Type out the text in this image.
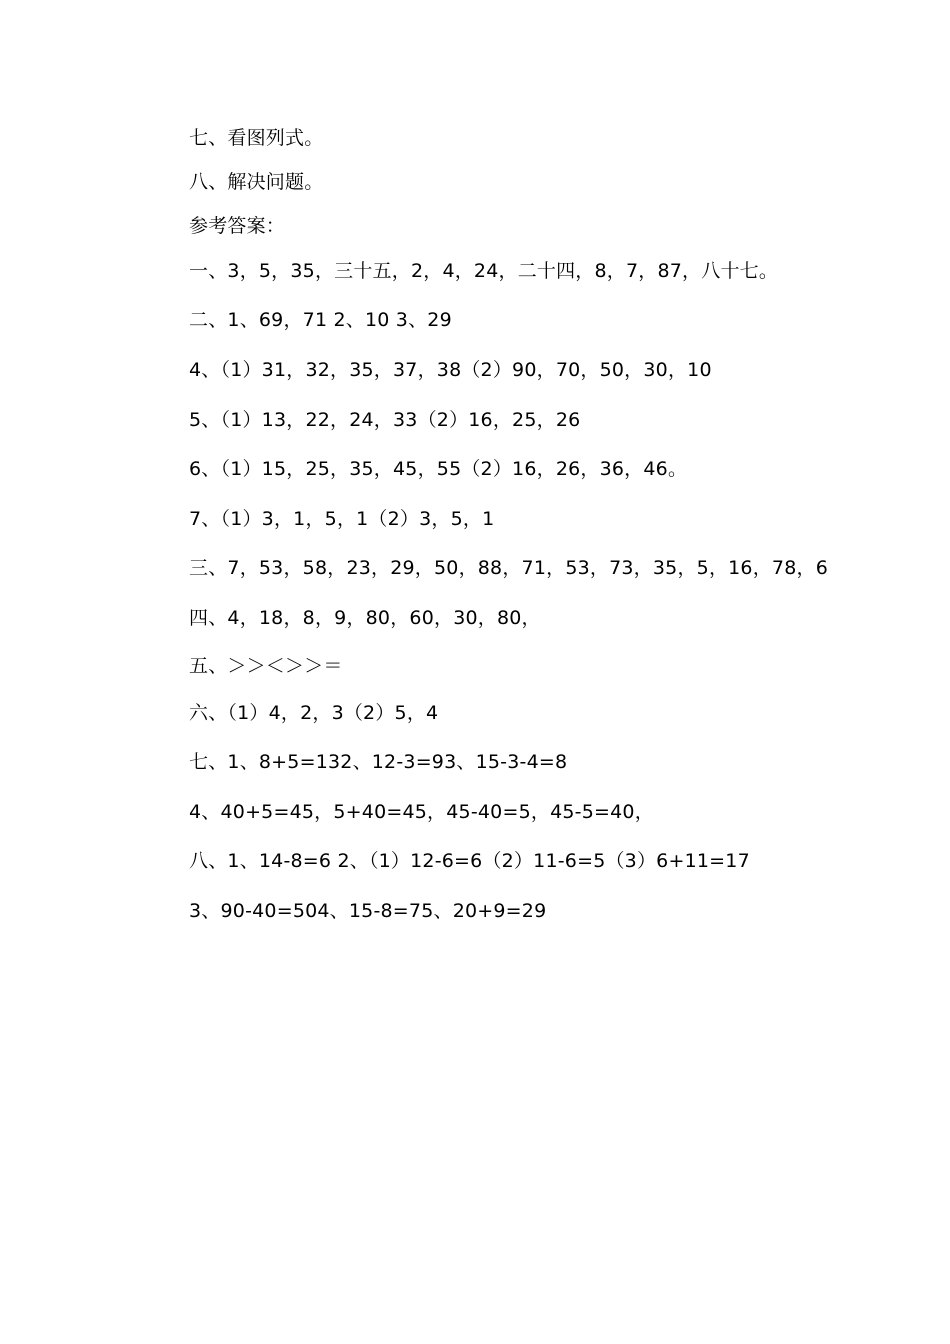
七、看图列式。
八、解决问题。
参考答案：
一、3，5，35，三十五，2，4，24，二十四，8，7，87，八十七。
二、1、69，71 2、10 3、29
4、（1）31，32，35，37，38（2）90，70，50，30，10
5、（1）13，22，24，33（2）16，25，26
6、（1）15，25，35，45，55（2）16，26，36，46。
7、（1）3，1，5，1（2）3，5，1
三、7，53，58，23，29，50，88，71，53，73，35，5，16，78，6
四、4，18，8，9，80，60，30，80，
五、＞＞＜＞＞＝
六、（1）4，2，3（2）5，4
七、1、8+5=132、12-3=93、15-3-4=8
4、40+5=45，5+40=45，45-40=5，45-5=40，
八、1、14-8=6 2、（1）12-6=6（2）11-6=5（3）6+11=17
3、90-40=504、15-8=75、20+9=29
